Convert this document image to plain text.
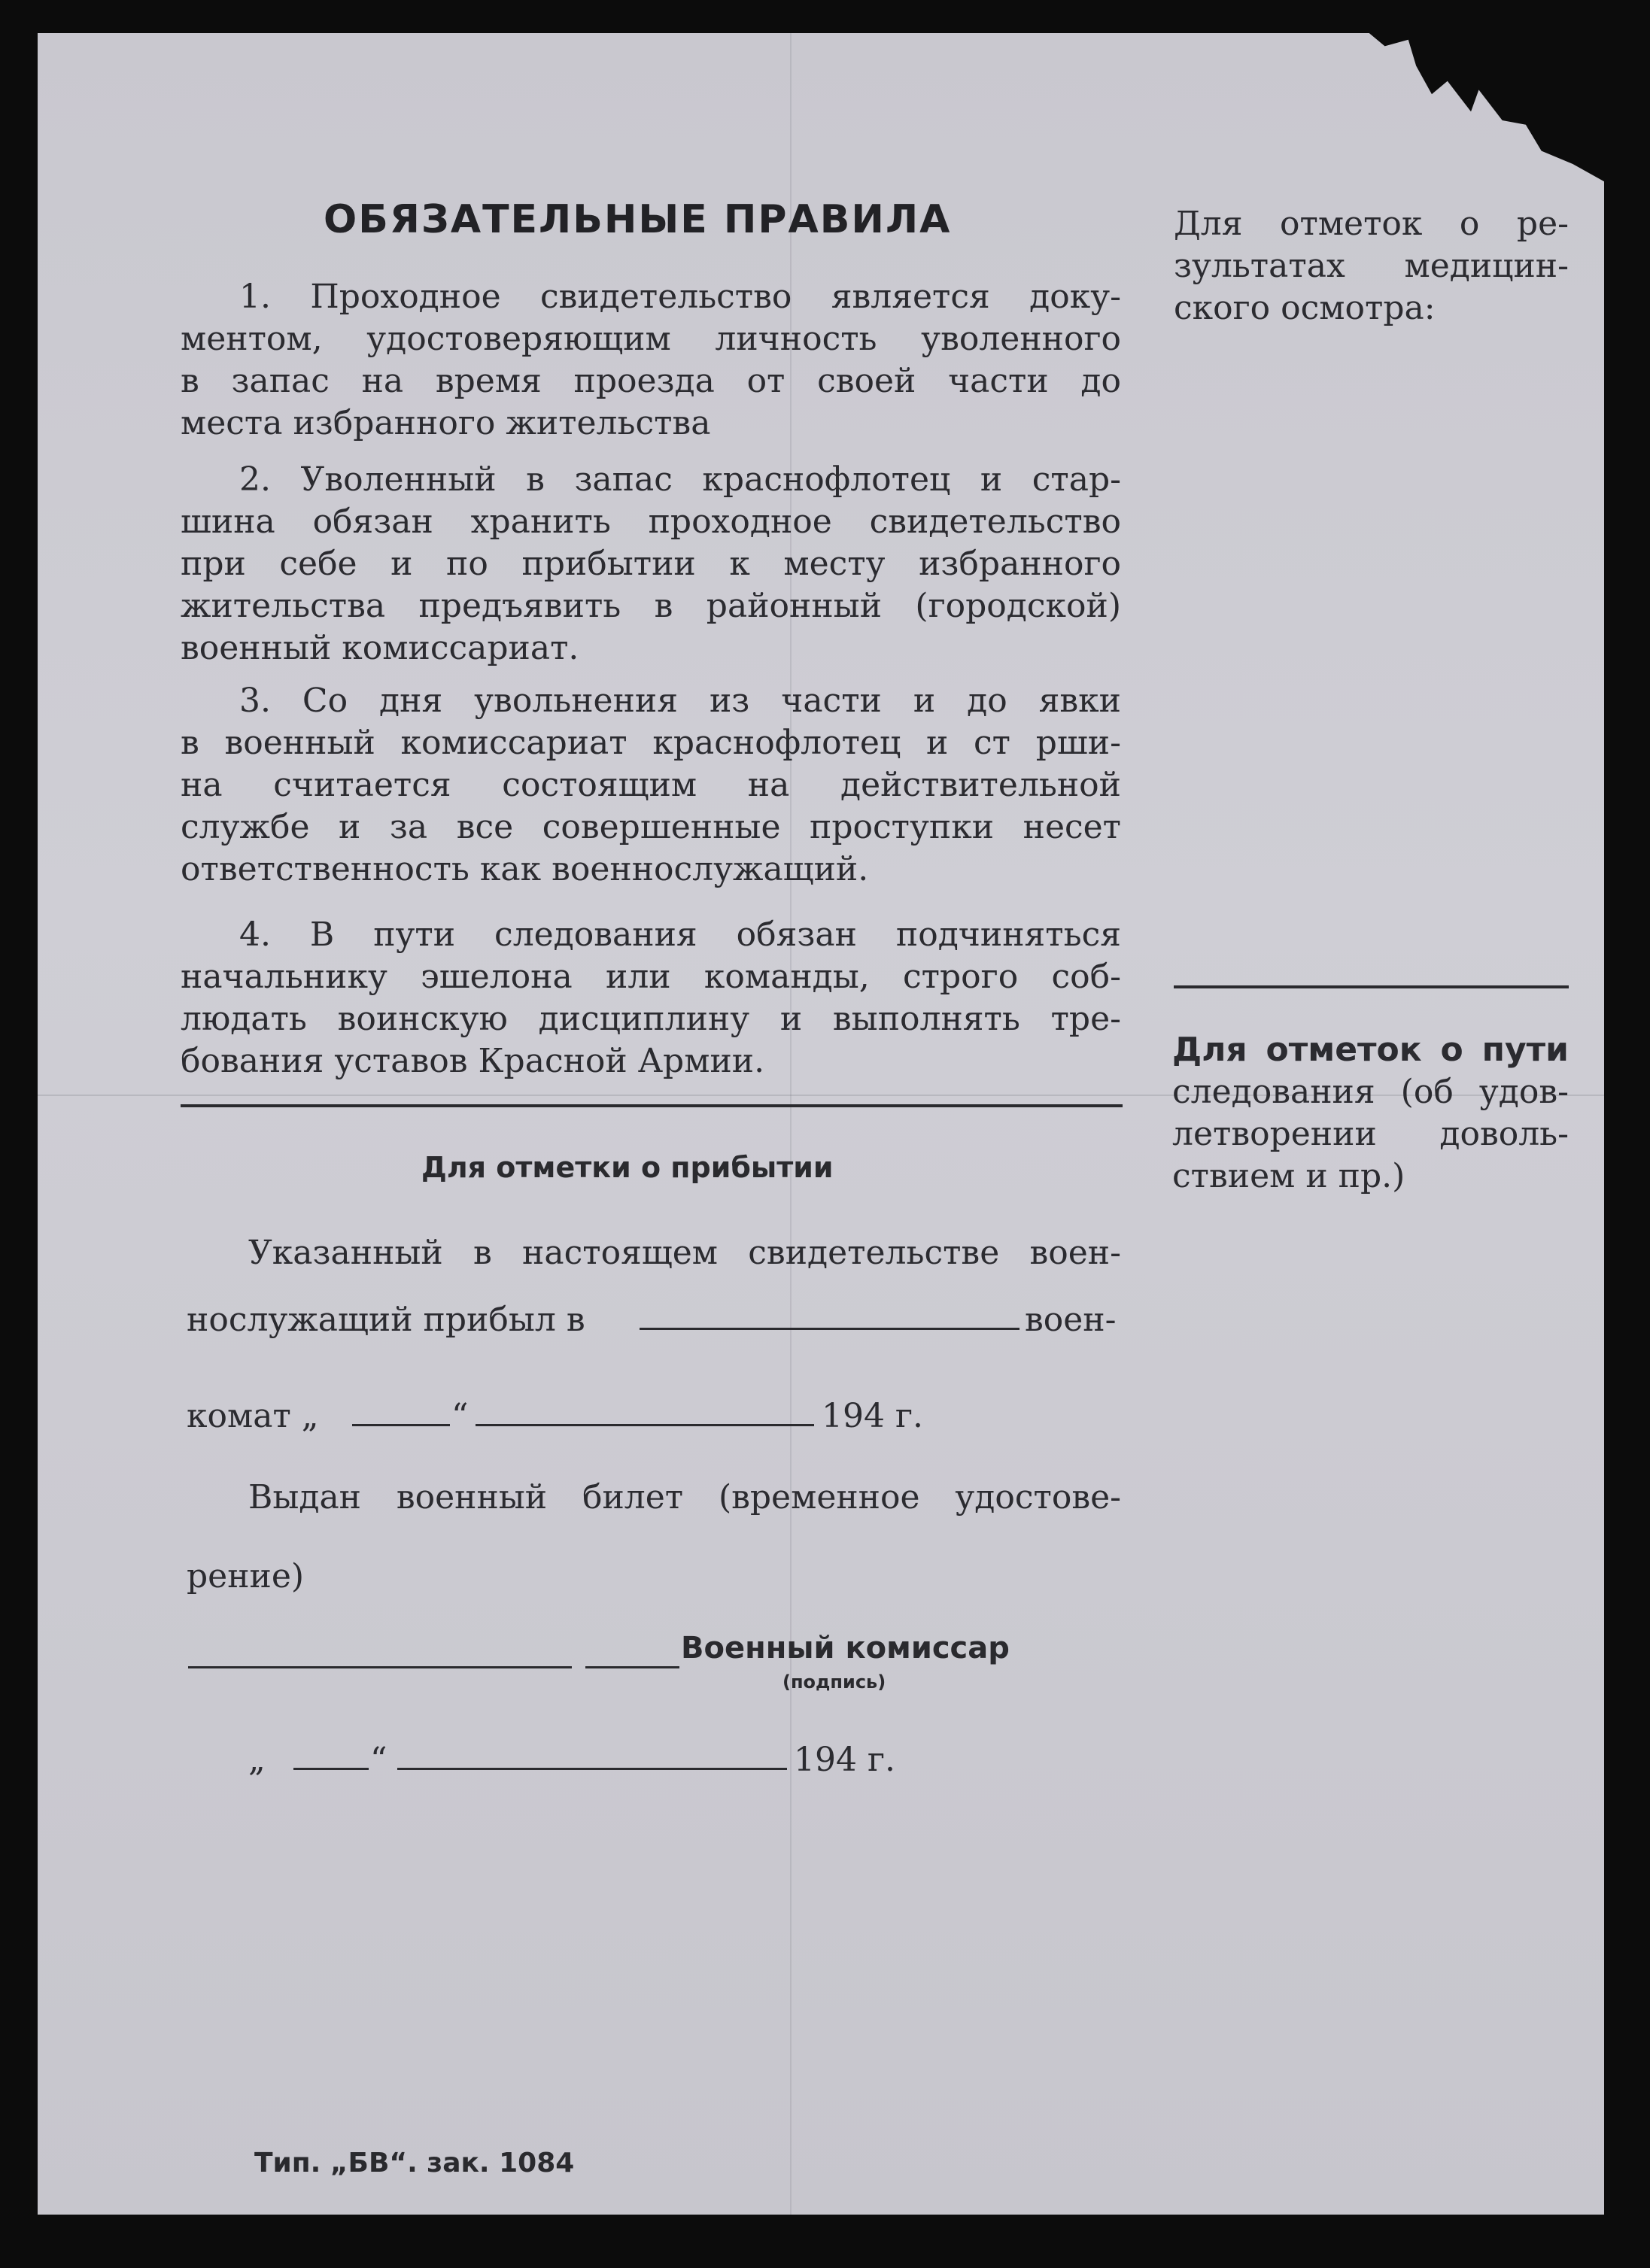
ОБЯЗАТЕЛЬНЫЕ ПРАВИЛА
1. Проходное свидетельство является доку-
ментом, удостоверяющим личность уволенного
в запас на время проезда от своей части до
места избранного жительства
2. Уволенный в запас краснофлотец и стар-
шина обязан хранить проходное свидетельство
при себе и по прибытии к месту избранного
жительства предъявить в районный (городской)
военный комиссариат.
3. Со дня увольнения из части и до явки
в военный комиссариат краснофлотец и ст рши-
на считается состоящим на действительной
службе и за все совершенные проступки несет
ответственность как военнослужащий.
4. В пути следования обязан подчиняться
начальнику эшелона или команды, строго соб-
людать воинскую дисциплину и выполнять тре-
бования уставов Красной Армии.
Для отметки о прибытии
Указанный в настоящем свидетельстве воен-
нослужащий прибыл в	воен-
комат „	“	194 г.
Выдан военный билет (временное удостове-
рение)
Военный комиссар
(подпись)
„	“	194 г.
Для отметок о ре-
зультатах медицин-
ского осмотра:
Для отметок о пути
следования (об удов-
летворении доволь-
ствием и пр.)
Тип. „БВ“. зак. 1084
